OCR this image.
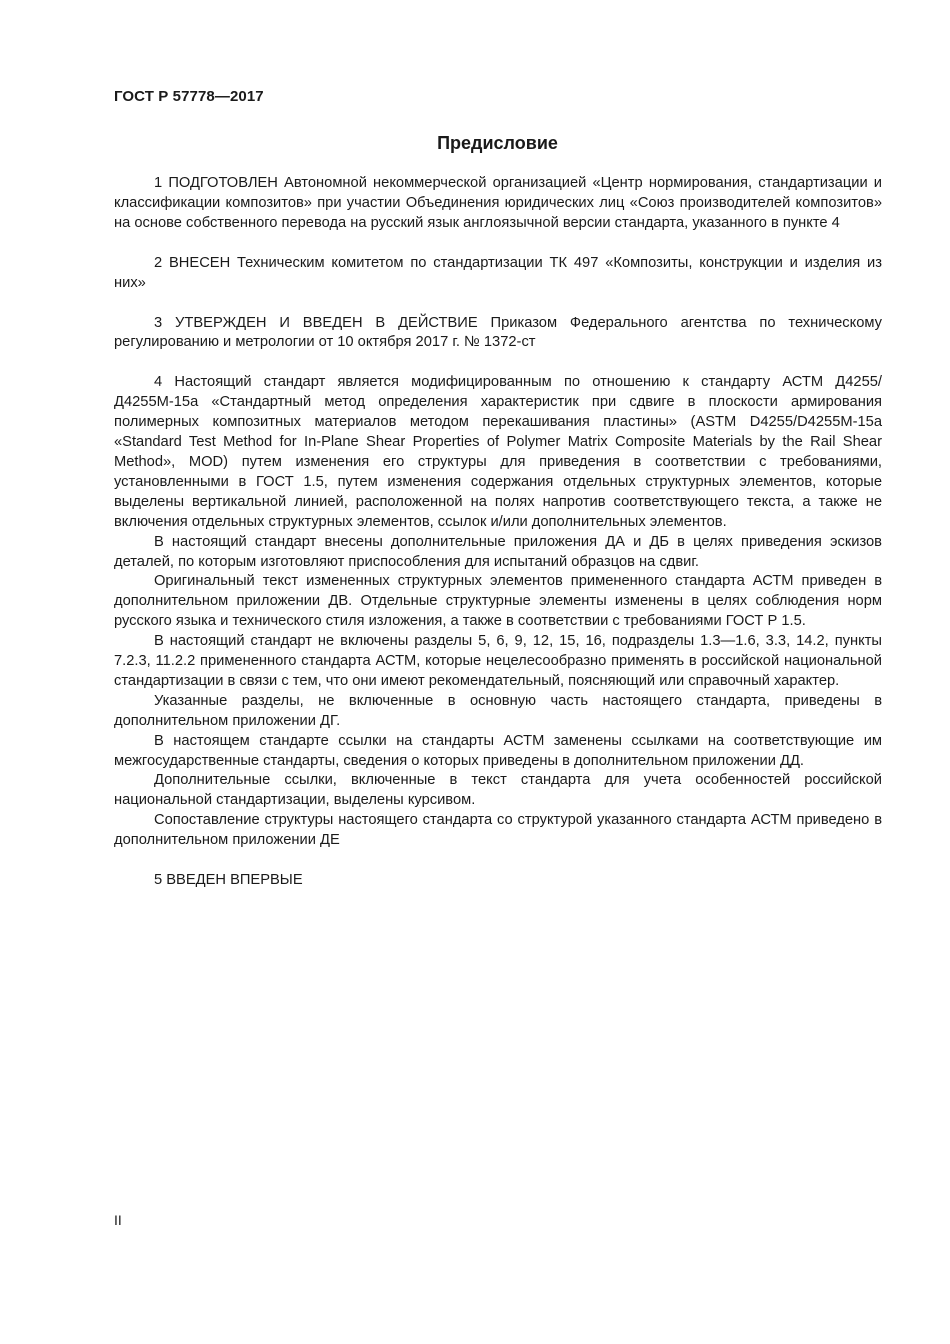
ГОСТ Р 57778—2017
Предисловие

1 ПОДГОТОВЛЕН Автономной некоммерческой организацией «Центр нормирования, стандартизации и классификации композитов» при участии Объединения юридических лиц «Союз производителей композитов» на основе собственного перевода на русский язык англоязычной версии стандарта, указанного в пункте 4

2 ВНЕСЕН Техническим комитетом по стандартизации ТК 497 «Композиты, конструкции и изделия из них»

3 УТВЕРЖДЕН И ВВЕДЕН В ДЕЙСТВИЕ Приказом Федерального агентства по техническому регулированию и метрологии от 10 октября 2017 г. № 1372-ст

4 Настоящий стандарт является модифицированным по отношению к стандарту АСТМ Д4255/Д4255М-15а «Стандартный метод определения характеристик при сдвиге в плоскости армирования полимерных композитных материалов методом перекашивания пластины» (ASTM D4255/D4255M-15a «Standard Test Method for In-Plane Shear Properties of Polymer Matrix Composite Materials by the Rail Shear Method», MOD) путем изменения его структуры для приведения в соответствии с требованиями, установленными в ГОСТ 1.5, путем изменения содержания отдельных структурных элементов, которые выделены вертикальной линией, расположенной на полях напротив соответствующего текста, а также не включения отдельных структурных элементов, ссылок и/или дополнительных элементов.

В настоящий стандарт внесены дополнительные приложения ДА и ДБ в целях приведения эскизов деталей, по которым изготовляют приспособления для испытаний образцов на сдвиг.

Оригинальный текст измененных структурных элементов примененного стандарта АСТМ приведен в дополнительном приложении ДВ. Отдельные структурные элементы изменены в целях соблюдения норм русского языка и технического стиля изложения, а также в соответствии с требованиями ГОСТ Р 1.5.

В настоящий стандарт не включены разделы 5, 6, 9, 12, 15, 16, подразделы 1.3—1.6, 3.3, 14.2, пункты 7.2.3, 11.2.2 примененного стандарта АСТМ, которые нецелесообразно применять в российской национальной стандартизации в связи с тем, что они имеют рекомендательный, поясняющий или справочный характер.

Указанные разделы, не включенные в основную часть настоящего стандарта, приведены в дополнительном приложении ДГ.

В настоящем стандарте ссылки на стандарты АСТМ заменены ссылками на соответствующие им межгосударственные стандарты, сведения о которых приведены в дополнительном приложении ДД.

Дополнительные ссылки, включенные в текст стандарта для учета особенностей российской национальной стандартизации, выделены курсивом.

Сопоставление структуры настоящего стандарта со структурой указанного стандарта АСТМ приведено в дополнительном приложении ДЕ

5 ВВЕДЕН ВПЕРВЫЕ

II
